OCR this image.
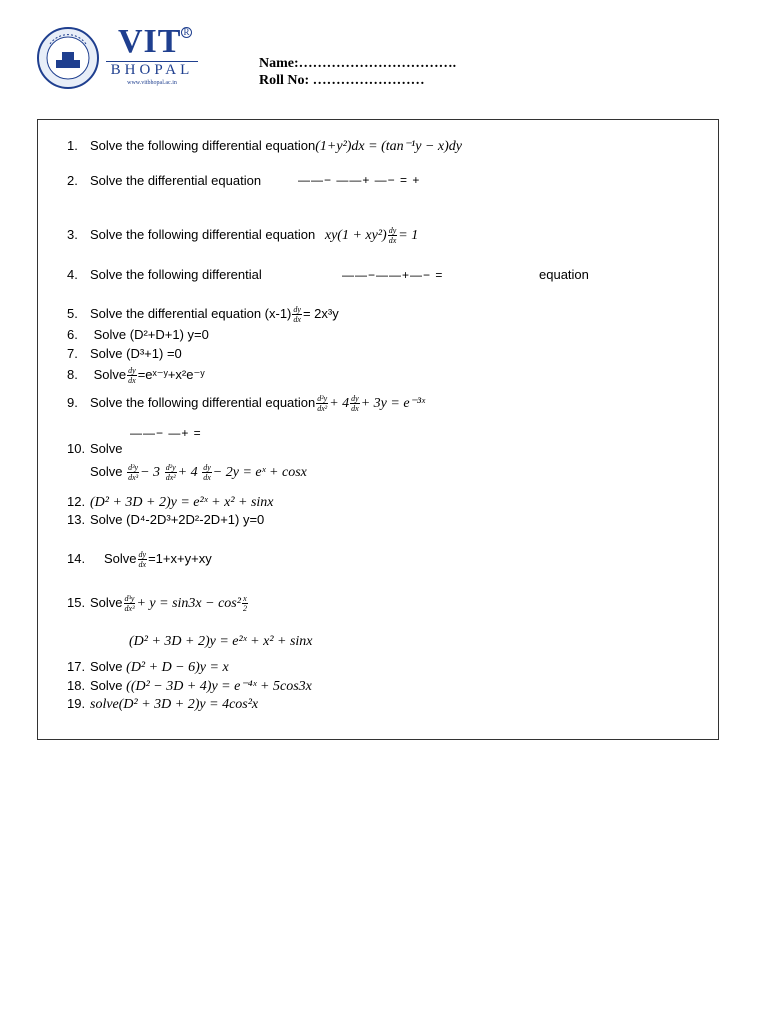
VIT R
BHOPAL
www.vitbhopal.ac.in
Name:…………………………….
Roll No: ……………………
1. Solve the following differential equation(1+y²)dx = (tan⁻¹y − x)dy
2. Solve the differential equation	——− ——+ —− = +
3. Solve the following differential equation $xy(1 + xy^2) \frac{dy}{dx} = 1$
4. Solve the following differential	——−——+—− =	equation
5. Solve the differential equation $(x-1) \frac{dy}{dx} = 2x^3y$
6. Solve (D²+D+1) y=0
7. Solve (D³+1) =0
8. Solve $\frac{dy}{dx}$ =eˣ⁻ʸ+x²e⁻ʸ
9. Solve the following differential equation $\frac{\text{d²y}}{\text{dx²}} + 4 \frac{dy}{dx} + 3y$ = e⁻³ˣ
——− —+ =
10. Solve
Solve $\frac{\text{d³y}}{\text{dx³}} - 3 \frac{\text{d²y}}{\text{dx²}} + 4 \frac{dy}{dx} - 2y$ = eˣ + cosx
12. (D² + 3D + 2)y = e²ˣ + x² + sinx
13. Solve (D⁴-2D³+2D²-2D+1) y=0
14. Solve $\frac{dy}{dx} =1+x+y+xy$
15. Solve $\frac{\text{d³y}}{\text{dx³}} + y = \sin 3x - \cos^2 \frac{x}{2}$
(D² + 3D + 2)y = e²ˣ + x² + sinx
17. Solve (D² + D − 6)y = x
18. Solve ((D² − 3D + 4)y = e⁻⁴ˣ + 5cos3x
19. solve(D² + 3D + 2)y = 4cos²x
